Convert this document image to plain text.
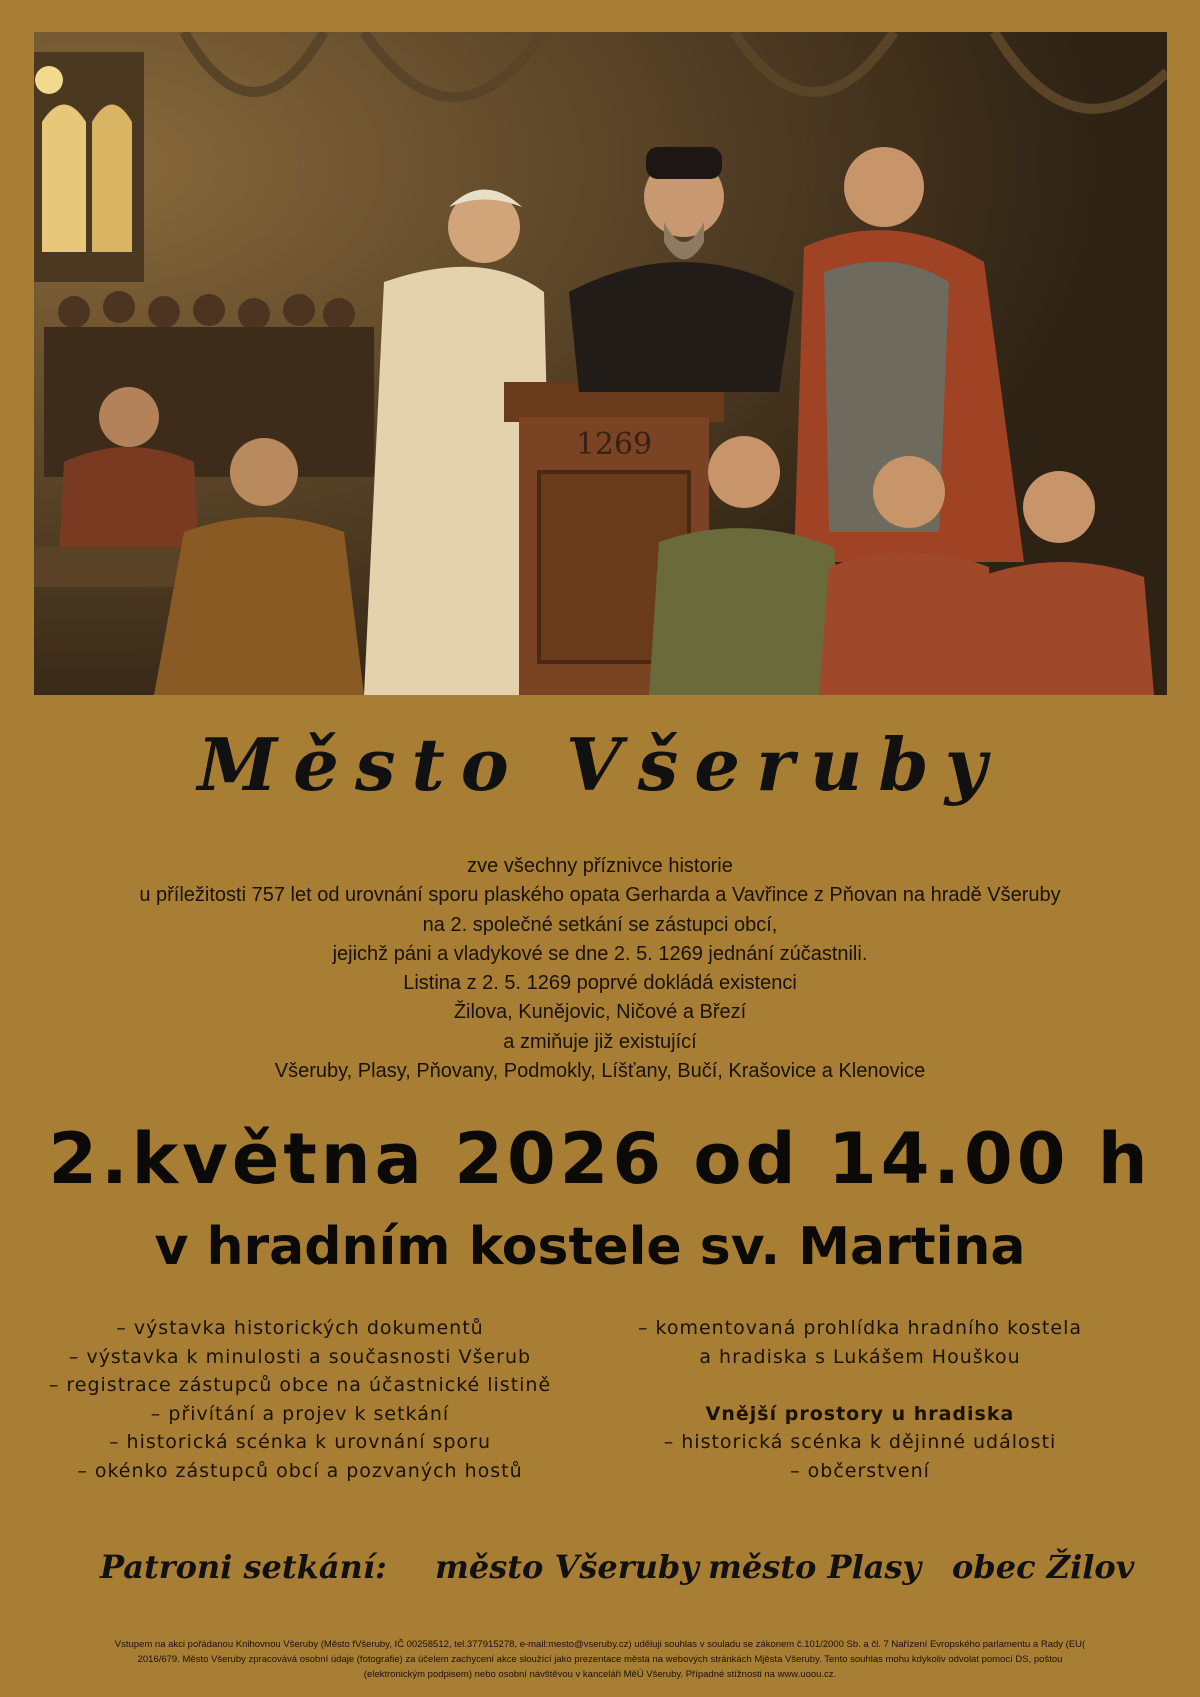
1269
Město Všeruby
zve všechny příznivce historie
u příležitosti 757 let od urovnání sporu plaského opata Gerharda a Vavřince z Pňovan na hradě Všeruby
na 2. společné setkání se zástupci obcí,
jejichž páni a vladykové se dne 2. 5. 1269 jednání zúčastnili.
Listina z 2. 5. 1269 poprvé dokládá existenci
Žilova, Kunějovic, Ničové a Březí
a zmiňuje již existující
Všeruby, Plasy, Pňovany, Podmokly, Líšťany, Bučí, Krašovice a Klenovice
2.května 2026 od 14.00 h
v hradním kostele sv. Martina
– výstavka historických dokumentů
– výstavka k minulosti a současnosti Všerub
– registrace zástupců obce na účastnické listině
– přivítání a projev k setkání
– historická scénka k urovnání sporu
– okénko zástupců obcí a pozvaných hostů
– komentovaná prohlídka hradního kostela
a hradiska s Lukášem Houškou
Vnější prostory u hradiska
– historická scénka k dějinné události
– občerstvení
Patroni setkání: město Všeruby město Plasy obec Žilov
Vstupem na akci pořádanou Knihovnou Všeruby (Město fVšeruby, IČ 00258512, tel.377915278, e-mail:mesto@vseruby.cz) uděluji souhlas v souladu se zákonem č.101/2000 Sb. a čl. 7 Nařízení Evropského parlamentu a Rady (EU(
2016/679. Město Všeruby zpracovává osobní údaje (fotografie) za účelem zachycení akce sloužící jako prezentace města na webových stránkách Mjěsta Všeruby. Tento souhlas mohu kdykoliv odvolat pomocí DS, poštou
(elektronickým podpisem) nebo osobní návštěvou v kanceláři MěÚ Všeruby. Případné stížnosti na www.uoou.cz.
